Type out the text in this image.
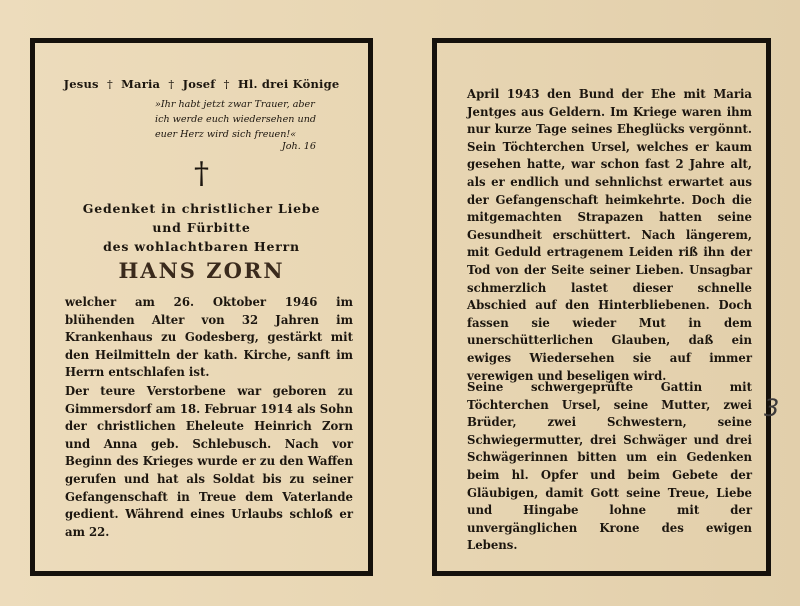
Jesus † Maria † Josef † Hl. drei Könige
»Ihr habt jetzt zwar Trauer, aber
ich werde euch wiedersehen und
euer Herz wird sich freuen!«
Joh. 16
†
Gedenket in christlicher Liebe
und Fürbitte
des wohlachtbaren Herrn
HANS ZORN
welcher am 26. Oktober 1946 im blühenden Alter von 32 Jahren im Krankenhaus zu Godesberg, gestärkt mit den Heilmitteln der kath. Kirche, sanft im Herrn entschlafen ist.
Der teure Verstorbene war geboren zu Gimmersdorf am 18. Februar 1914 als Sohn der christlichen Eheleute Heinrich Zorn und Anna geb. Schlebusch. Nach vor Beginn des Krieges wurde er zu den Waffen gerufen und hat als Soldat bis zu seiner Gefangenschaft in Treue dem Vaterlande gedient. Während eines Urlaubs schloß er am 22.
April 1943 den Bund der Ehe mit Maria Jentges aus Geldern. Im Kriege waren ihm nur kurze Tage seines Eheglücks vergönnt. Sein Töchterchen Ursel, welches er kaum gesehen hatte, war schon fast 2 Jahre alt, als er endlich und sehnlichst erwartet aus der Gefangenschaft heimkehrte. Doch die mitgemachten Strapazen hatten seine Gesundheit erschüttert. Nach längerem, mit Geduld ertragenem Leiden riß ihn der Tod von der Seite seiner Lieben. Unsagbar schmerzlich lastet dieser schnelle Abschied auf den Hinterbliebenen. Doch fassen sie wieder Mut in dem unerschütterlichen Glauben, daß ein ewiges Wiedersehen sie auf immer verewigen und beseligen wird.
Seine schwergeprüfte Gattin mit Töchterchen Ursel, seine Mutter, zwei Brüder, zwei Schwestern, seine Schwiegermutter, drei Schwäger und drei Schwägerinnen bitten um ein Gedenken beim hl. Opfer und beim Gebete der Gläubigen, damit Gott seine Treue, Liebe und Hingabe lohne mit der unvergänglichen Krone des ewigen Lebens.
3
